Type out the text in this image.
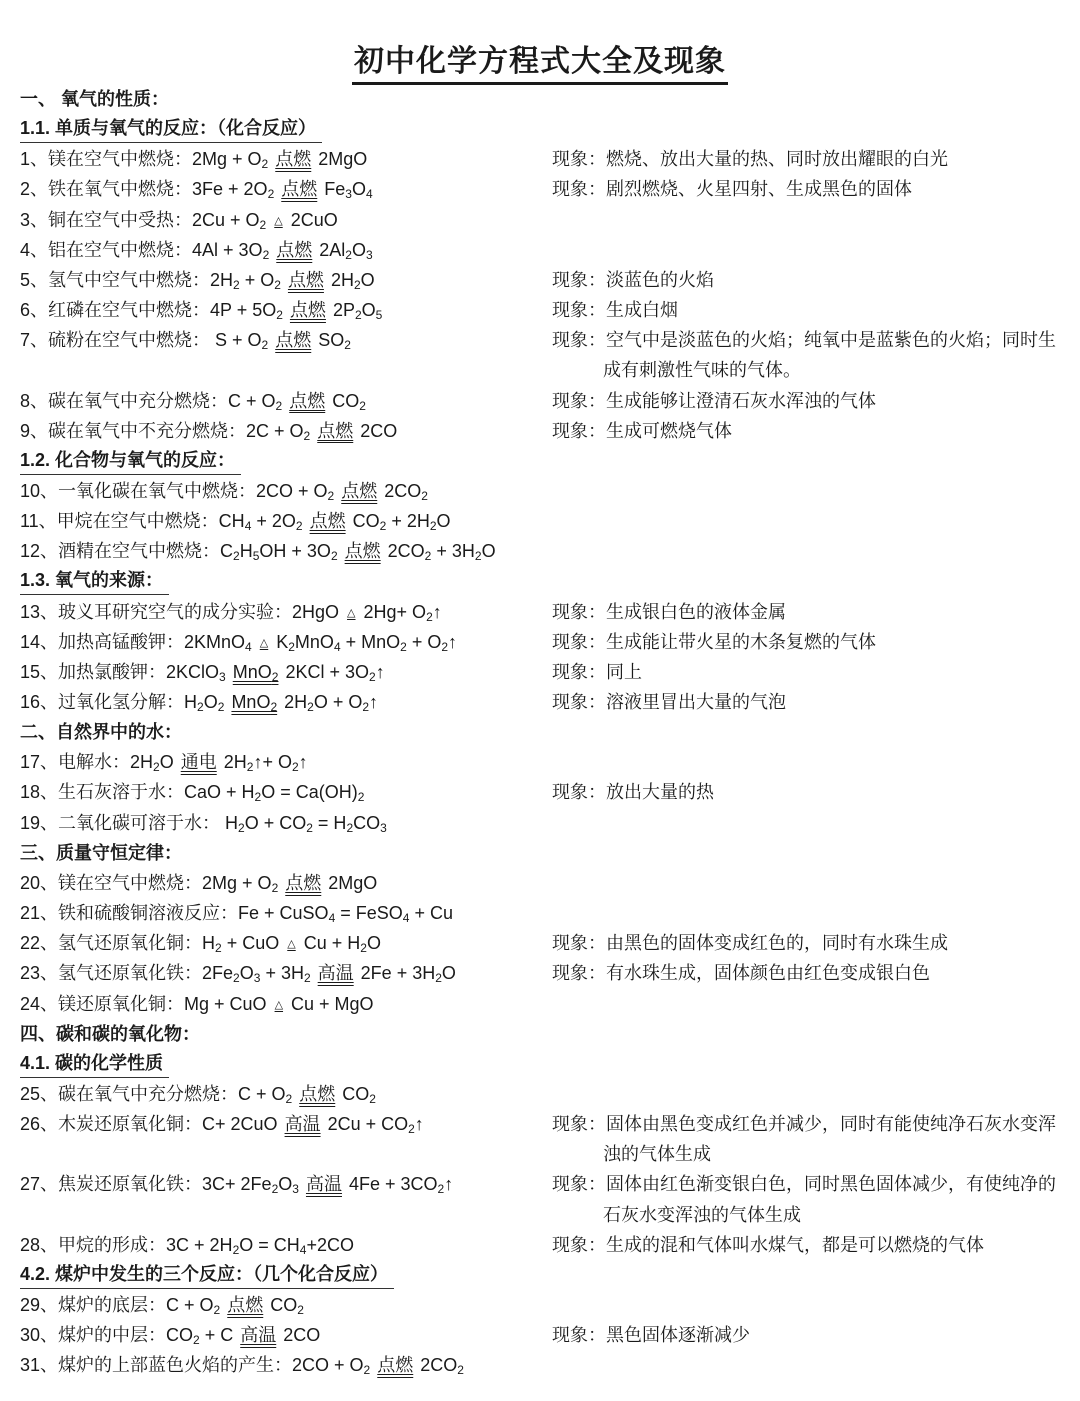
初中化学方程式大全及现象
一、 氧气的性质：
1.1. 单质与氧气的反应：（化合反应）
1、镁在空气中燃烧：$2Mg + O_2$ 点燃 2MgO	现象：燃烧、放出大量的热、同时放出耀眼的白光
2、铁在氧气中燃烧：$3Fe + 2O_2$ 点燃 $Fe_3O_4$	现象：剧烈燃烧、火星四射、生成黑色的固体
3、铜在空气中受热：$2Cu + O_2$ △ 2CuO
4、铝在空气中燃烧：$4Al + 3O_2$ 点燃 $2Al_2O_3$
5、氢气中空气中燃烧：$2H_2 + O_2$ 点燃 $2H_2O$	现象：淡蓝色的火焰
6、红磷在空气中燃烧：$4P + 5O_2$ 点燃 $2P_2O_5$	现象：生成白烟
7、硫粉在空气中燃烧： $S + O_2$ 点燃 $SO_2$	现象：空气中是淡蓝色的火焰；纯氧中是蓝紫色的火焰；同时生
成有刺激性气味的气体。
8、碳在氧气中充分燃烧：$C + O_2$ 点燃 $CO_2$	现象：生成能够让澄清石灰水浑浊的气体
9、碳在氧气中不充分燃烧：$2C + O_2$ 点燃 2CO	现象：生成可燃烧气体
1.2. 化合物与氧气的反应：
10、一氧化碳在氧气中燃烧：$2CO + O_2$ 点燃 $2CO_2$
11、甲烷在空气中燃烧：$CH_4 + 2O_2$ 点燃 $CO_2 + 2H_2O$
12、酒精在空气中燃烧：$C_2H_5OH + 3O_2$ 点燃 $2CO_2 + 3H_2O$
1.3. 氧气的来源：
13、玻义耳研究空气的成分实验：2HgO △ $2Hg+ O_2↑$	现象：生成银白色的液体金属
14、加热高锰酸钾：2KMnO$_4$ △ $K_2MnO_4 + MnO_2$ + $O_2↑$	现象：生成能让带火星的木条复燃的气体
15、加热氯酸钾：2KClO$_3$ MnO$_2$ $2KCl + 3O_2↑$	现象：同上
16、过氧化氢分解：$H_2O_2$ MnO$_2$ $2H_2O$ + $O_2↑$	现象：溶液里冒出大量的气泡
二、自然界中的水：
17、电解水：$2H_2O$ 通电 $2H_2↑+$ $O_2↑$
18、生石灰溶于水：CaO + $H_2O = Ca(OH)_2$	现象：放出大量的热
19、二氧化碳可溶于水： $H_2O + CO_2 = H_2CO_3$
三、质量守恒定律：
20、镁在空气中燃烧：$2Mg + O_2$ 点燃 2MgO
21、铁和硫酸铜溶液反应：Fe + CuSO$_4$ = FeSO$_4$ + Cu
22、氢气还原氧化铜：$H_2$ + CuO △ $Cu + H_2O$	现象：由黑色的固体变成红色的，同时有水珠生成
23、氢气还原氧化铁：$2Fe_2O_3 + 3H_2$ 高温 $2Fe + 3H_2O$	现象：有水珠生成，固体颜色由红色变成银白色
24、镁还原氧化铜：Mg + CuO △ Cu + MgO
四、碳和碳的氧化物：
4.1. 碳的化学性质
25、碳在氧气中充分燃烧：$C + O_2$ 点燃 $CO_2$
26、木炭还原氧化铜：C+ 2CuO 高温 $2Cu + CO_2↑$	现象：固体由黑色变成红色并减少，同时有能使纯净石灰水变浑
浊的气体生成
27、焦炭还原氧化铁：$3C+ 2Fe_2O_3$ 高温 $4Fe + 3CO_2↑$	现象：固体由红色渐变银白色，同时黑色固体减少，有使纯净的
石灰水变浑浊的气体生成
28、甲烷的形成：$3C + 2H_2O = CH_4+2CO$	现象：生成的混和气体叫水煤气，都是可以燃烧的气体
4.2. 煤炉中发生的三个反应：（几个化合反应）
29、煤炉的底层：$C + O_2$ 点燃 $CO_2$
30、煤炉的中层：$CO_2 + C$ 高温 2CO	现象：黑色固体逐渐减少
31、煤炉的上部蓝色火焰的产生：$2CO + O_2$ 点燃 $2CO_2$
